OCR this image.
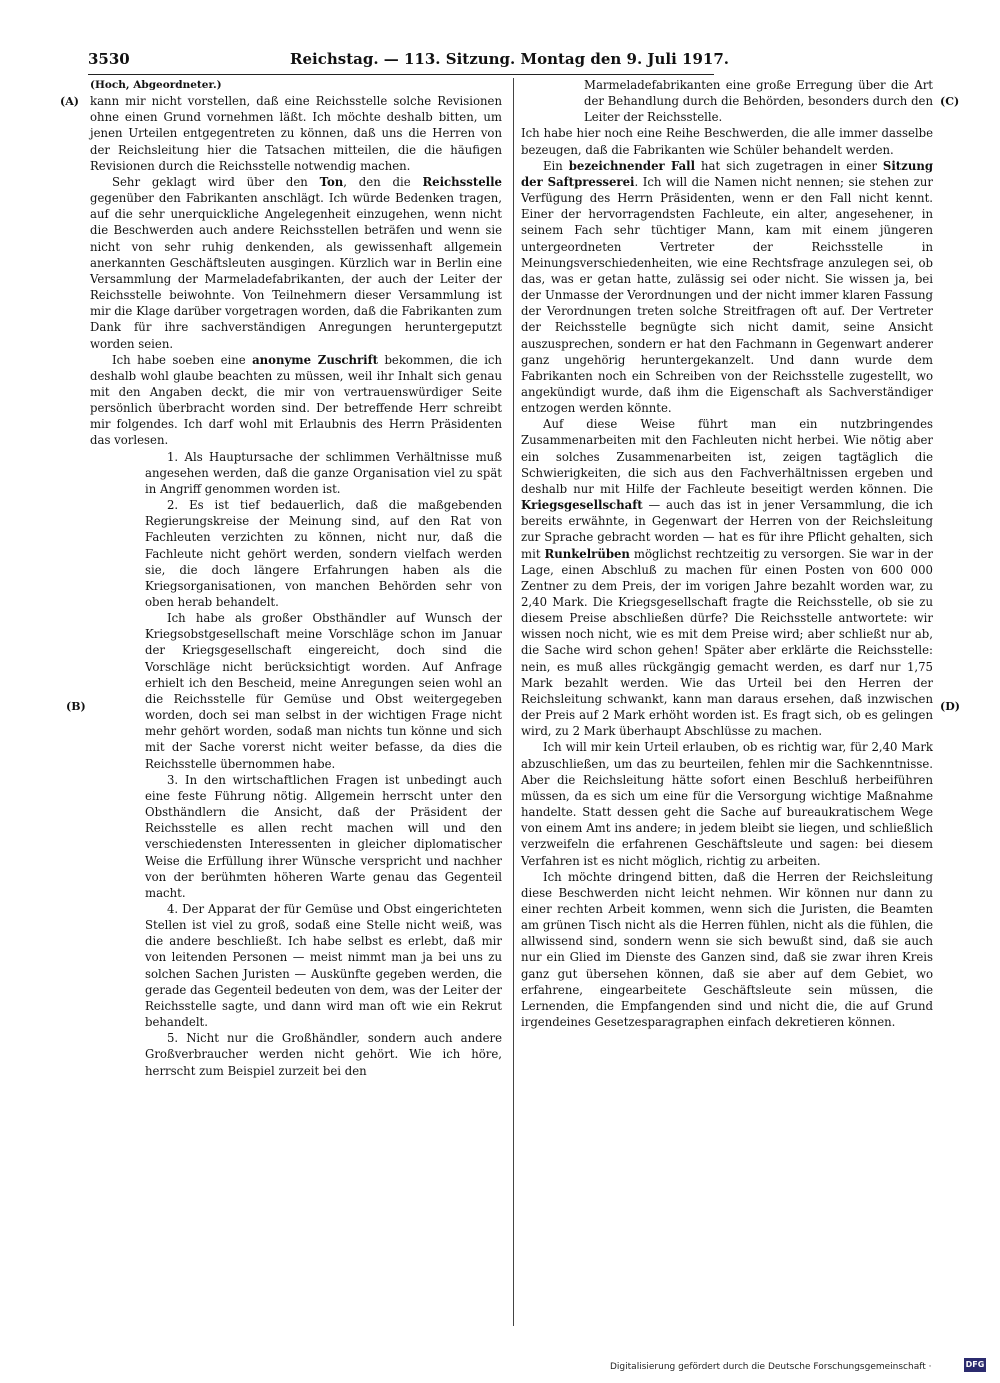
3530	Reichstag. — 113. Sitzung. Montag den 9. Juli 1917.
(A)
(B)
(C)
(D)

(Hoch, Abgeordneter.)

kann mir nicht vorstellen, daß eine Reichsstelle solche Revisionen ohne einen Grund vornehmen läßt. Ich möchte deshalb bitten, um jenen Urteilen entgegentreten zu können, daß uns die Herren von der Reichsleitung hier die Tatsachen mitteilen, die die häufigen Revisionen durch die Reichsstelle notwendig machen.

Sehr geklagt wird über den Ton, den die Reichsstelle gegenüber den Fabrikanten anschlägt. Ich würde Bedenken tragen, auf die sehr unerquickliche Angelegenheit einzugehen, wenn nicht die Beschwerden auch andere Reichsstellen beträfen und wenn sie nicht von sehr ruhig denkenden, als gewissenhaft allgemein anerkannten Geschäftsleuten ausgingen. Kürzlich war in Berlin eine Versammlung der Marmeladefabrikanten, der auch der Leiter der Reichsstelle beiwohnte. Von Teilnehmern dieser Versammlung ist mir die Klage darüber vorgetragen worden, daß die Fabrikanten zum Dank für ihre sachverständigen Anregungen heruntergeputzt worden seien.

Ich habe soeben eine anonyme Zuschrift bekommen, die ich deshalb wohl glaube beachten zu müssen, weil ihr Inhalt sich genau mit den Angaben deckt, die mir von vertrauenswürdiger Seite persönlich überbracht worden sind. Der betreffende Herr schreibt mir folgendes. Ich darf wohl mit Erlaubnis des Herrn Präsidenten das vorlesen.

1. Als Hauptursache der schlimmen Verhältnisse muß angesehen werden, daß die ganze Organisation viel zu spät in Angriff genommen worden ist.

2. Es ist tief bedauerlich, daß die maßgebenden Regierungskreise der Meinung sind, auf den Rat von Fachleuten verzichten zu können, nicht nur, daß die Fachleute nicht gehört werden, sondern vielfach werden sie, die doch längere Erfahrungen haben als die Kriegsorganisationen, von manchen Behörden sehr von oben herab behandelt.

Ich habe als großer Obsthändler auf Wunsch der Kriegsobstgesellschaft meine Vorschläge schon im Januar der Kriegsgesellschaft eingereicht, doch sind die Vorschläge nicht berücksichtigt worden. Auf Anfrage erhielt ich den Bescheid, meine Anregungen seien wohl an die Reichsstelle für Gemüse und Obst weitergegeben worden, doch sei man selbst in der wichtigen Frage nicht mehr gehört worden, sodaß man nichts tun könne und sich mit der Sache vorerst nicht weiter befasse, da dies die Reichsstelle übernommen habe.

3. In den wirtschaftlichen Fragen ist unbedingt auch eine feste Führung nötig. Allgemein herrscht unter den Obsthändlern die Ansicht, daß der Präsident der Reichsstelle es allen recht machen will und den verschiedensten Interessenten in gleicher diplomatischer Weise die Erfüllung ihrer Wünsche verspricht und nachher von der berühmten höheren Warte genau das Gegenteil macht.

4. Der Apparat der für Gemüse und Obst eingerichteten Stellen ist viel zu groß, sodaß eine Stelle nicht weiß, was die andere beschließt. Ich habe selbst es erlebt, daß mir von leitenden Personen — meist nimmt man ja bei uns zu solchen Sachen Juristen — Auskünfte gegeben werden, die gerade das Gegenteil bedeuten von dem, was der Leiter der Reichsstelle sagte, und dann wird man oft wie ein Rekrut behandelt.

5. Nicht nur die Großhändler, sondern auch andere Großverbraucher werden nicht gehört. Wie ich höre, herrscht zum Beispiel zurzeit bei den

Marmeladefabrikanten eine große Erregung über die Art der Behandlung durch die Behörden, besonders durch den Leiter der Reichsstelle.

Ich habe hier noch eine Reihe Beschwerden, die alle immer dasselbe bezeugen, daß die Fabrikanten wie Schüler behandelt werden.

Ein bezeichnender Fall hat sich zugetragen in einer Sitzung der Saftpresserei. Ich will die Namen nicht nennen; sie stehen zur Verfügung des Herrn Präsidenten, wenn er den Fall nicht kennt. Einer der hervorragendsten Fachleute, ein alter, angesehener, in seinem Fach sehr tüchtiger Mann, kam mit einem jüngeren untergeordneten Vertreter der Reichsstelle in Meinungsverschiedenheiten, wie eine Rechtsfrage anzulegen sei, ob das, was er getan hatte, zulässig sei oder nicht. Sie wissen ja, bei der Unmasse der Verordnungen und der nicht immer klaren Fassung der Verordnungen treten solche Streitfragen oft auf. Der Vertreter der Reichsstelle begnügte sich nicht damit, seine Ansicht auszusprechen, sondern er hat den Fachmann in Gegenwart anderer ganz ungehörig heruntergekanzelt. Und dann wurde dem Fabrikanten noch ein Schreiben von der Reichsstelle zugestellt, wo angekündigt wurde, daß ihm die Eigenschaft als Sachverständiger entzogen werden könnte.

Auf diese Weise führt man ein nutzbringendes Zusammenarbeiten mit den Fachleuten nicht herbei. Wie nötig aber ein solches Zusammenarbeiten ist, zeigen tagtäglich die Schwierigkeiten, die sich aus den Fachverhältnissen ergeben und deshalb nur mit Hilfe der Fachleute beseitigt werden können. Die Kriegsgesellschaft — auch das ist in jener Versammlung, die ich bereits erwähnte, in Gegenwart der Herren von der Reichsleitung zur Sprache gebracht worden — hat es für ihre Pflicht gehalten, sich mit Runkelrüben möglichst rechtzeitig zu versorgen. Sie war in der Lage, einen Abschluß zu machen für einen Posten von 600 000 Zentner zu dem Preis, der im vorigen Jahre bezahlt worden war, zu 2,40 Mark. Die Kriegsgesellschaft fragte die Reichsstelle, ob sie zu diesem Preise abschließen dürfe? Die Reichsstelle antwortete: wir wissen noch nicht, wie es mit dem Preise wird; aber schließt nur ab, die Sache wird schon gehen! Später aber erklärte die Reichsstelle: nein, es muß alles rückgängig gemacht werden, es darf nur 1,75 Mark bezahlt werden. Wie das Urteil bei den Herren der Reichsleitung schwankt, kann man daraus ersehen, daß inzwischen der Preis auf 2 Mark erhöht worden ist. Es fragt sich, ob es gelingen wird, zu 2 Mark überhaupt Abschlüsse zu machen.

Ich will mir kein Urteil erlauben, ob es richtig war, für 2,40 Mark abzuschließen, um das zu beurteilen, fehlen mir die Sachkenntnisse. Aber die Reichsleitung hätte sofort einen Beschluß herbeiführen müssen, da es sich um eine für die Versorgung wichtige Maßnahme handelte. Statt dessen geht die Sache auf bureaukratischem Wege von einem Amt ins andere; in jedem bleibt sie liegen, und schließlich verzweifeln die erfahrenen Geschäftsleute und sagen: bei diesem Verfahren ist es nicht möglich, richtig zu arbeiten.

Ich möchte dringend bitten, daß die Herren der Reichsleitung diese Beschwerden nicht leicht nehmen. Wir können nur dann zu einer rechten Arbeit kommen, wenn sich die Juristen, die Beamten am grünen Tisch nicht als die Herren fühlen, nicht als die fühlen, die allwissend sind, sondern wenn sie sich bewußt sind, daß sie auch nur ein Glied im Dienste des Ganzen sind, daß sie zwar ihren Kreis ganz gut übersehen können, daß sie aber auf dem Gebiet, wo erfahrene, eingearbeitete Geschäftsleute sein müssen, die Lernenden, die Empfangenden sind und nicht die, die auf Grund irgendeines Gesetzesparagraphen einfach dekretieren können.

Digitalisierung gefördert durch die Deutsche Forschungsgemeinschaft ·	DFG
